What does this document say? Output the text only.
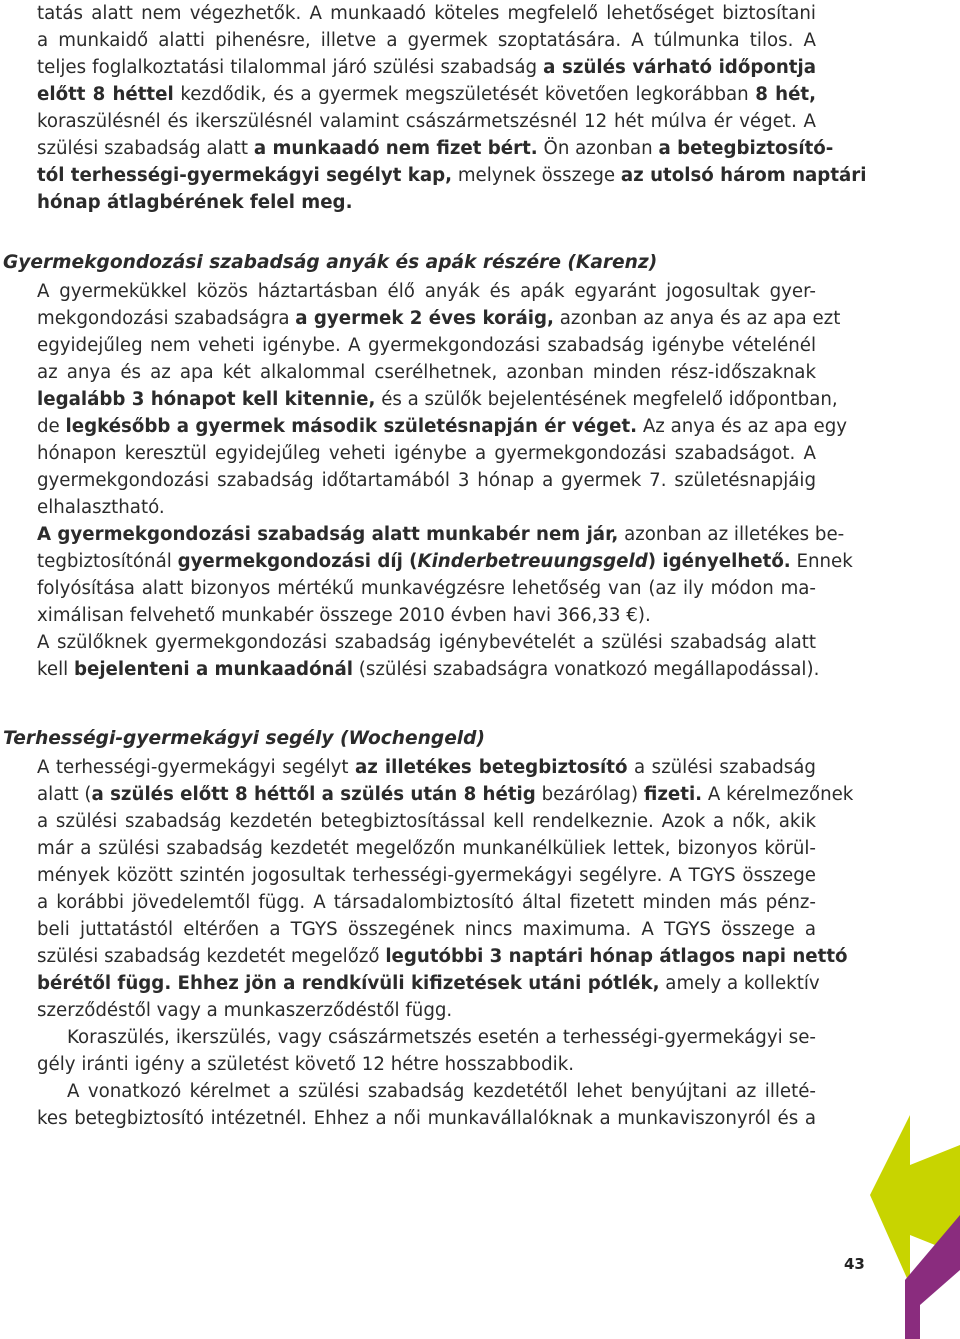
tatás alatt nem végezhetők. A munkaadó köteles megfelelő lehetőséget biztosítani
a munkaidő alatti pihenésre, illetve a gyermek szoptatására. A túlmunka tilos. A
teljes foglalkoztatási tilalommal járó szülési szabadság a szülés várható időpontja
előtt 8 héttel kezdődik, és a gyermek megszületését követően legkorábban 8 hét,
koraszülésnél és ikerszülésnél valamint császármetszésnél 12 hét múlva ér véget. A
szülési szabadság alatt a munkaadó nem fizet bért. Ön azonban a betegbiztosító-
tól terhességi-gyermekágyi segélyt kap, melynek összege az utolsó három naptári
hónap átlagbérének felel meg.
Gyermekgondozási szabadság anyák és apák részére (Karenz)
A gyermekükkel közös háztartásban élő anyák és apák egyaránt jogosultak gyer-
mekgondozási szabadságra a gyermek 2 éves koráig, azonban az anya és az apa ezt
egyidejűleg nem veheti igénybe. A gyermekgondozási szabadság igénybe vételénél
az anya és az apa két alkalommal cserélhetnek, azonban minden rész-időszaknak
legalább 3 hónapot kell kitennie, és a szülők bejelentésének megfelelő időpontban,
de legkésőbb a gyermek második születésnapján ér véget. Az anya és az apa egy
hónapon keresztül egyidejűleg veheti igénybe a gyermekgondozási szabadságot. A
gyermekgondozási szabadság időtartamából 3 hónap a gyermek 7. születésnapjáig
elhalasztható.
A gyermekgondozási szabadság alatt munkabér nem jár, azonban az illetékes be-
tegbiztosítónál gyermekgondozási díj (Kinderbetreuungsgeld) igényelhető. Ennek
folyósítása alatt bizonyos mértékű munkavégzésre lehetőség van (az ily módon ma-
ximálisan felvehető munkabér összege 2010 évben havi 366,33 €).
A szülőknek gyermekgondozási szabadság igénybevételét a szülési szabadság alatt
kell bejelenteni a munkaadónál (szülési szabadságra vonatkozó megállapodással).
Terhességi-gyermekágyi segély (Wochengeld)
A terhességi-gyermekágyi segélyt az illetékes betegbiztosító a szülési szabadság
alatt (a szülés előtt 8 héttől a szülés után 8 hétig bezárólag) fizeti. A kérelmezőnek
a szülési szabadság kezdetén betegbiztosítással kell rendelkeznie. Azok a nők, akik
már a szülési szabadság kezdetét megelőzőn munkanélküliek lettek, bizonyos körül-
mények között szintén jogosultak terhességi-gyermekágyi segélyre. A TGYS összege
a korábbi jövedelemtől függ. A társadalombiztosító által fizetett minden más pénz-
beli juttatástól eltérően a TGYS összegének nincs maximuma. A TGYS összege a
szülési szabadság kezdetét megelőző legutóbbi 3 naptári hónap átlagos napi nettó
bérétől függ. Ehhez jön a rendkívüli kifizetések utáni pótlék, amely a kollektív
szerződéstől vagy a munkaszerződéstől függ.
Koraszülés, ikerszülés, vagy császármetszés esetén a terhességi-gyermekágyi se-
gély iránti igény a születést követő 12 hétre hosszabbodik.
A vonatkozó kérelmet a szülési szabadság kezdetétől lehet benyújtani az illeté-
kes betegbiztosító intézetnél. Ehhez a női munkavállalóknak a munkaviszonyról és a
43
